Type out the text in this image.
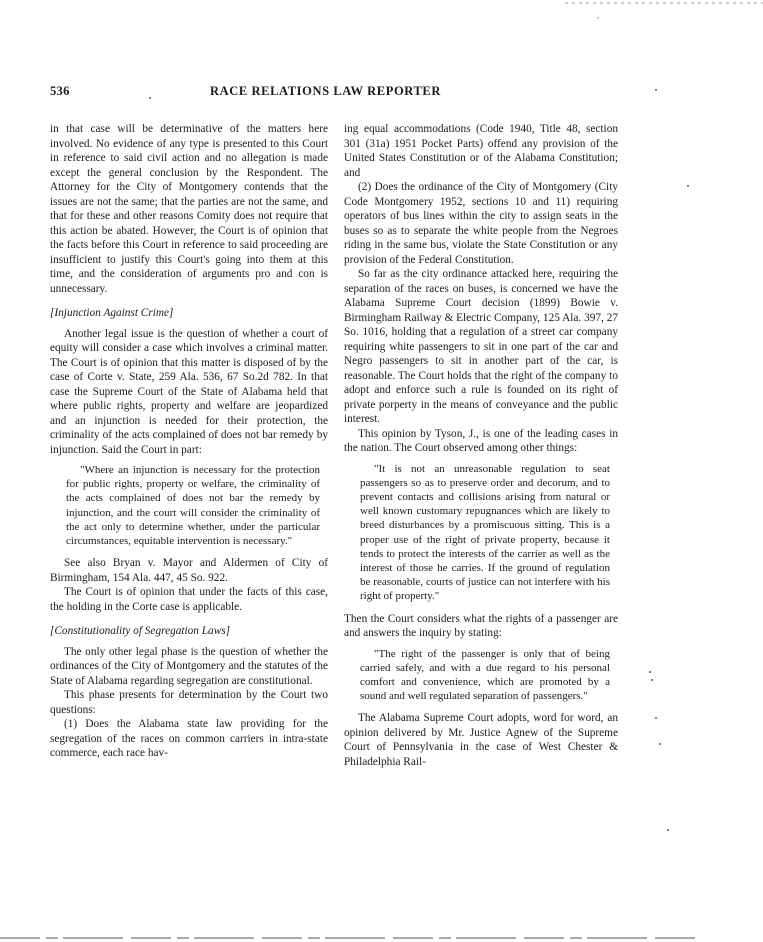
536	RACE RELATIONS LAW REPORTER

in that case will be determinative of the matters here involved. No evidence of any type is presented to this Court in reference to said civil action and no allegation is made except the general conclusion by the Respondent. The Attorney for the City of Montgomery contends that the issues are not the same; that the parties are not the same, and that for these and other reasons Comity does not require that this action be abated. However, the Court is of opinion that the facts before this Court in reference to said proceeding are insufficient to justify this Court's going into them at this time, and the consideration of arguments pro and con is unnecessary.

[Injunction Against Crime]

Another legal issue is the question of whether a court of equity will consider a case which involves a criminal matter. The Court is of opinion that this matter is disposed of by the case of Corte v. State, 259 Ala. 536, 67 So.2d 782. In that case the Supreme Court of the State of Alabama held that where public rights, property and welfare are jeopardized and an injunction is needed for their protection, the criminality of the acts complained of does not bar remedy by injunction. Said the Court in part:

"Where an injunction is necessary for the protection for public rights, property or welfare, the criminality of the acts complained of does not bar the remedy by injunction, and the court will consider the criminality of the act only to determine whether, under the particular circumstances, equitable intervention is necessary."

See also Bryan v. Mayor and Aldermen of City of Birmingham, 154 Ala. 447, 45 So. 922.

The Court is of opinion that under the facts of this case, the holding in the Corte case is applicable.

[Constitutionality of Segregation Laws]

The only other legal phase is the question of whether the ordinances of the City of Montgomery and the statutes of the State of Alabama regarding segregation are constitutional.

This phase presents for determination by the Court two questions:

(1) Does the Alabama state law providing for the segregation of the races on common carriers in intra-state commerce, each race hav-

ing equal accommodations (Code 1940, Title 48, section 301 (31a) 1951 Pocket Parts) offend any provision of the United States Constitution or of the Alabama Constitution; and

(2) Does the ordinance of the City of Montgomery (City Code Montgomery 1952, sections 10 and 11) requiring operators of bus lines within the city to assign seats in the buses so as to separate the white people from the Negroes riding in the same bus, violate the State Constitution or any provision of the Federal Constitution.

So far as the city ordinance attacked here, requiring the separation of the races on buses, is concerned we have the Alabama Supreme Court decision (1899) Bowie v. Birmingham Railway & Electric Company, 125 Ala. 397, 27 So. 1016, holding that a regulation of a street car company requiring white passengers to sit in one part of the car and Negro passengers to sit in another part of the car, is reasonable. The Court holds that the right of the company to adopt and enforce such a rule is founded on its right of private porperty in the means of conveyance and the public interest.

This opinion by Tyson, J., is one of the leading cases in the nation. The Court observed among other things:

"It is not an unreasonable regulation to seat passengers so as to preserve order and decorum, and to prevent contacts and collisions arising from natural or well known customary repugnances which are likely to breed disturbances by a promiscuous sitting. This is a proper use of the right of private property, because it tends to protect the interests of the carrier as well as the interest of those he carries. If the ground of regulation be reasonable, courts of justice can not interfere with his right of property."

Then the Court considers what the rights of a passenger are and answers the inquiry by stating:

"The right of the passenger is only that of being carried safely, and with a due regard to his personal comfort and convenience, which are promoted by a sound and well regulated separation of passengers."

The Alabama Supreme Court adopts, word for word, an opinion delivered by Mr. Justice Agnew of the Supreme Court of Pennsylvania in the case of West Chester & Philadelphia Rail-
